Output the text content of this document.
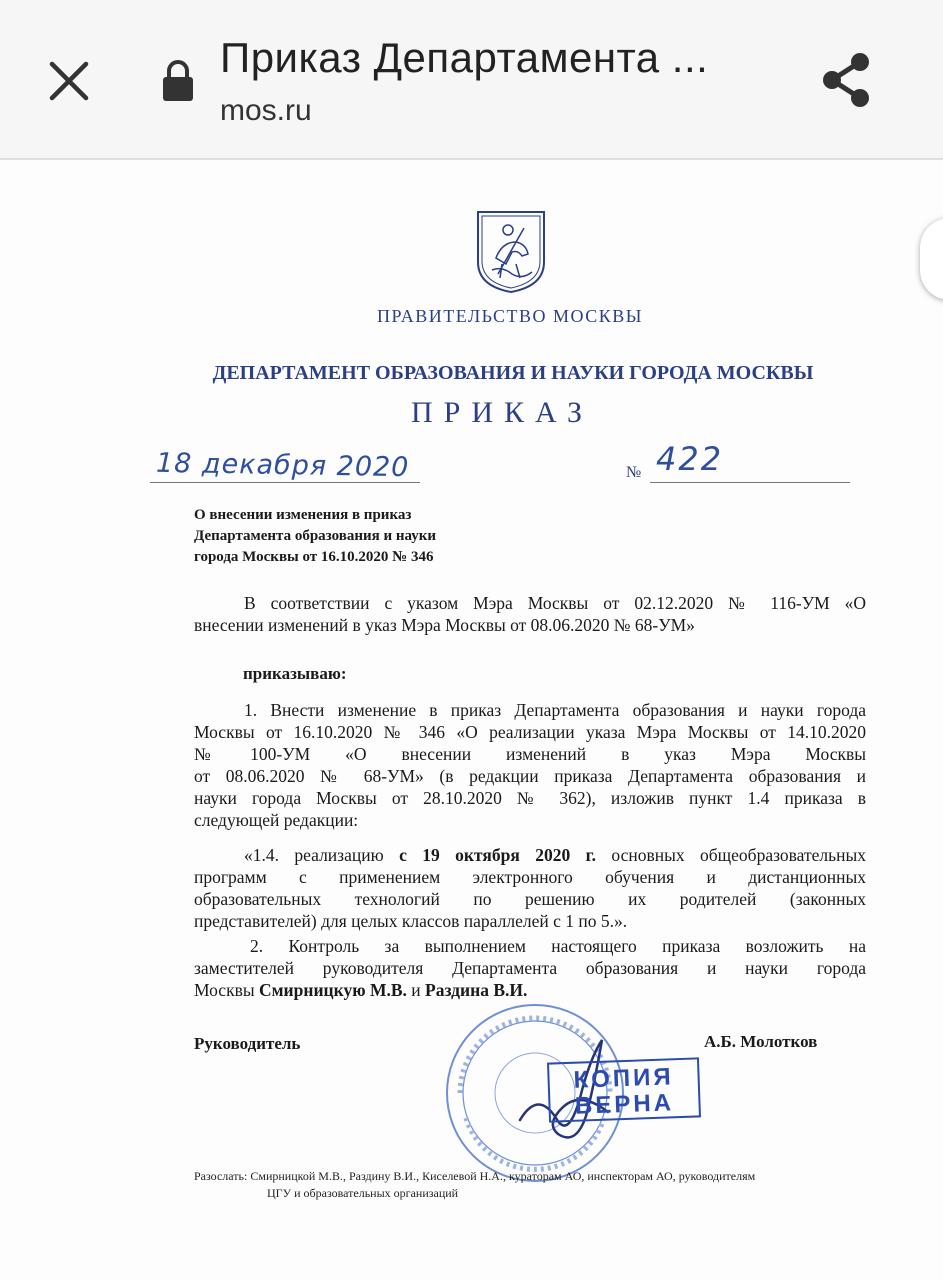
Приказ Департамента ...
mos.ru
ПРАВИТЕЛЬСТВО МОСКВЫ
ДЕПАРТАМЕНТ ОБРАЗОВАНИЯ И НАУКИ ГОРОДА МОСКВЫ
ПРИКАЗ
18 декабря 2020	№ 422
О внесении изменения в приказ
Департамента образования и науки
города Москвы от 16.10.2020 № 346
В соответствии с указом Мэра Москвы от 02.12.2020 № 116-УМ «О
внесении изменений в указ Мэра Москвы от 08.06.2020 № 68-УМ»
приказываю:
1. Внести изменение в приказ Департамента образования и науки города
Москвы от 16.10.2020 № 346 «О реализации указа Мэра Москвы от 14.10.2020
№ 100-УМ «О внесении изменений в указ Мэра Москвы
от 08.06.2020 № 68-УМ» (в редакции приказа Департамента образования и
науки города Москвы от 28.10.2020 № 362), изложив пункт 1.4 приказа в
следующей редакции:
«1.4. реализацию с 19 октября 2020 г. основных общеобразовательных
программ с применением электронного обучения и дистанционных
образовательных технологий по решению их родителей (законных
представителей) для целых классов параллелей с 1 по 5.».
2. Контроль за выполнением настоящего приказа возложить на
заместителей руководителя Департамента образования и науки города
Москвы Смирницкую М.В. и Раздина В.И.
Руководитель	А.Б. Молотков
КОПИЯ
ВЕРНА
Разослать: Смирницкой М.В., Раздину В.И., Киселевой Н.А., кураторам АО, инспекторам АО, руководителям
ЦГУ и образовательных организаций
